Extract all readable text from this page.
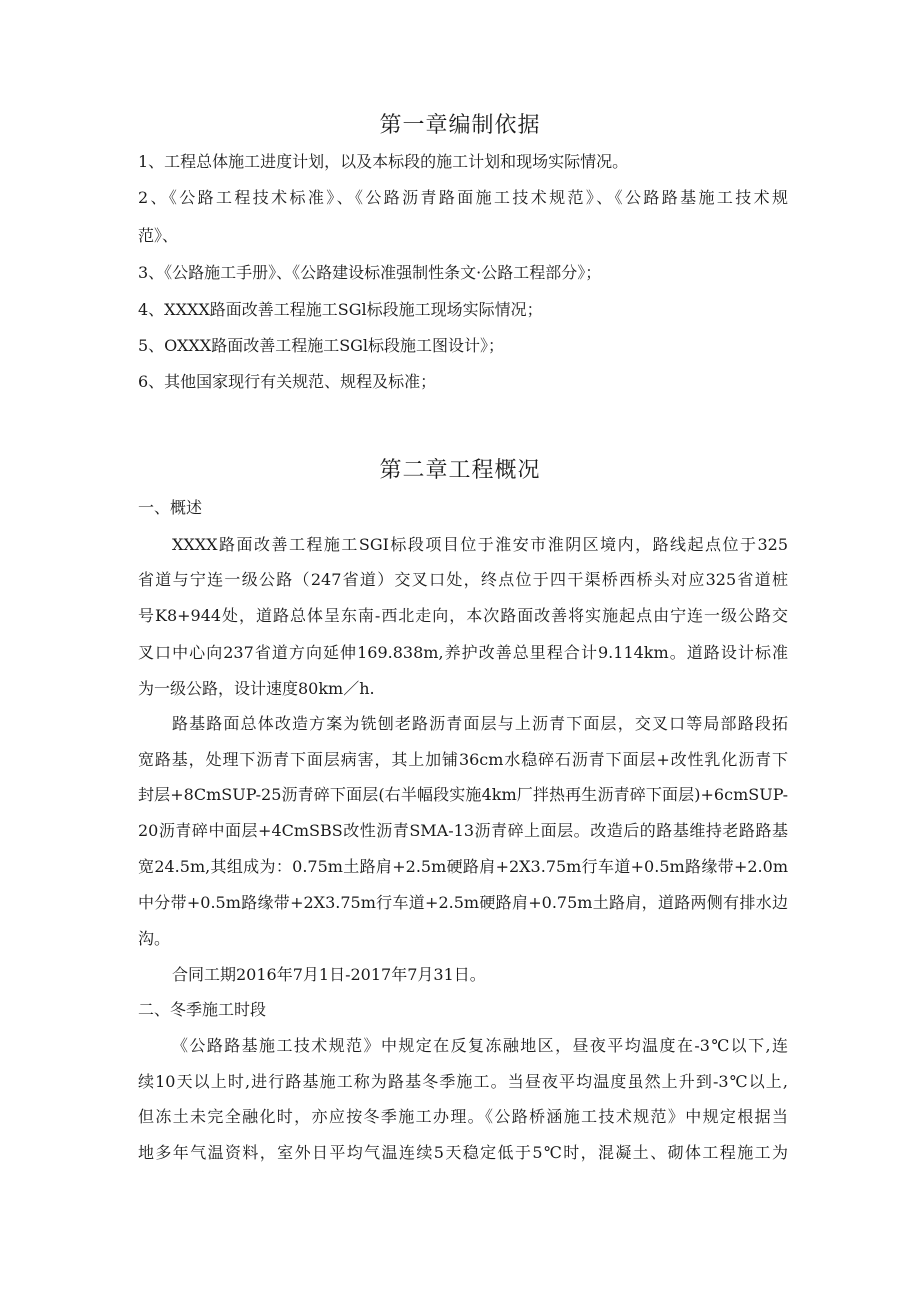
第一章编制依据
1、工程总体施工进度计划，以及本标段的施工计划和现场实际情况。
2、《公路工程技术标准》、《公路沥青路面施工技术规范》、《公路路基施工技术规
范》、
3、《公路施工手册》、《公路建设标准强制性条文·公路工程部分》；
4、XXXX路面改善工程施工SGl标段施工现场实际情况；
5、OXXX路面改善工程施工SGl标段施工图设计》；
6、其他国家现行有关规范、规程及标准；
第二章工程概况
一、概述
XXXX路面改善工程施工SGI标段项目位于淮安市淮阴区境内，路线起点位于325
省道与宁连一级公路（247省道）交叉口处，终点位于四干渠桥西桥头对应325省道桩
号K8+944处，道路总体呈东南-西北走向，本次路面改善将实施起点由宁连一级公路交
叉口中心向237省道方向延伸169.838m,养护改善总里程合计9.114km。道路设计标准
为一级公路，设计速度80km／h.
路基路面总体改造方案为铣刨老路沥青面层与上沥青下面层，交叉口等局部路段拓
宽路基，处理下沥青下面层病害，其上加铺36cm水稳碎石沥青下面层+改性乳化沥青下
封层+8CmSUP-25沥青碎下面层(右半幅段实施4km厂拌热再生沥青碎下面层)+6cmSUP-
20沥青碎中面层+4CmSBS改性沥青SMA-13沥青碎上面层。改造后的路基维持老路路基
宽24.5m,其组成为：0.75m土路肩+2.5m硬路肩+2X3.75m行车道+0.5m路缘带+2.0m
中分带+0.5m路缘带+2X3.75m行车道+2.5m硬路肩+0.75m土路肩，道路两侧有排水边
沟。
合同工期2016年7月1日-2017年7月31日。
二、冬季施工时段
《公路路基施工技术规范》中规定在反复冻融地区，昼夜平均温度在-3℃以下,连
续10天以上时,进行路基施工称为路基冬季施工。当昼夜平均温度虽然上升到-3℃以上,
但冻土未完全融化时，亦应按冬季施工办理。《公路桥涵施工技术规范》中规定根据当
地多年气温资料，室外日平均气温连续5天稳定低于5℃时，混凝土、砌体工程施工为
